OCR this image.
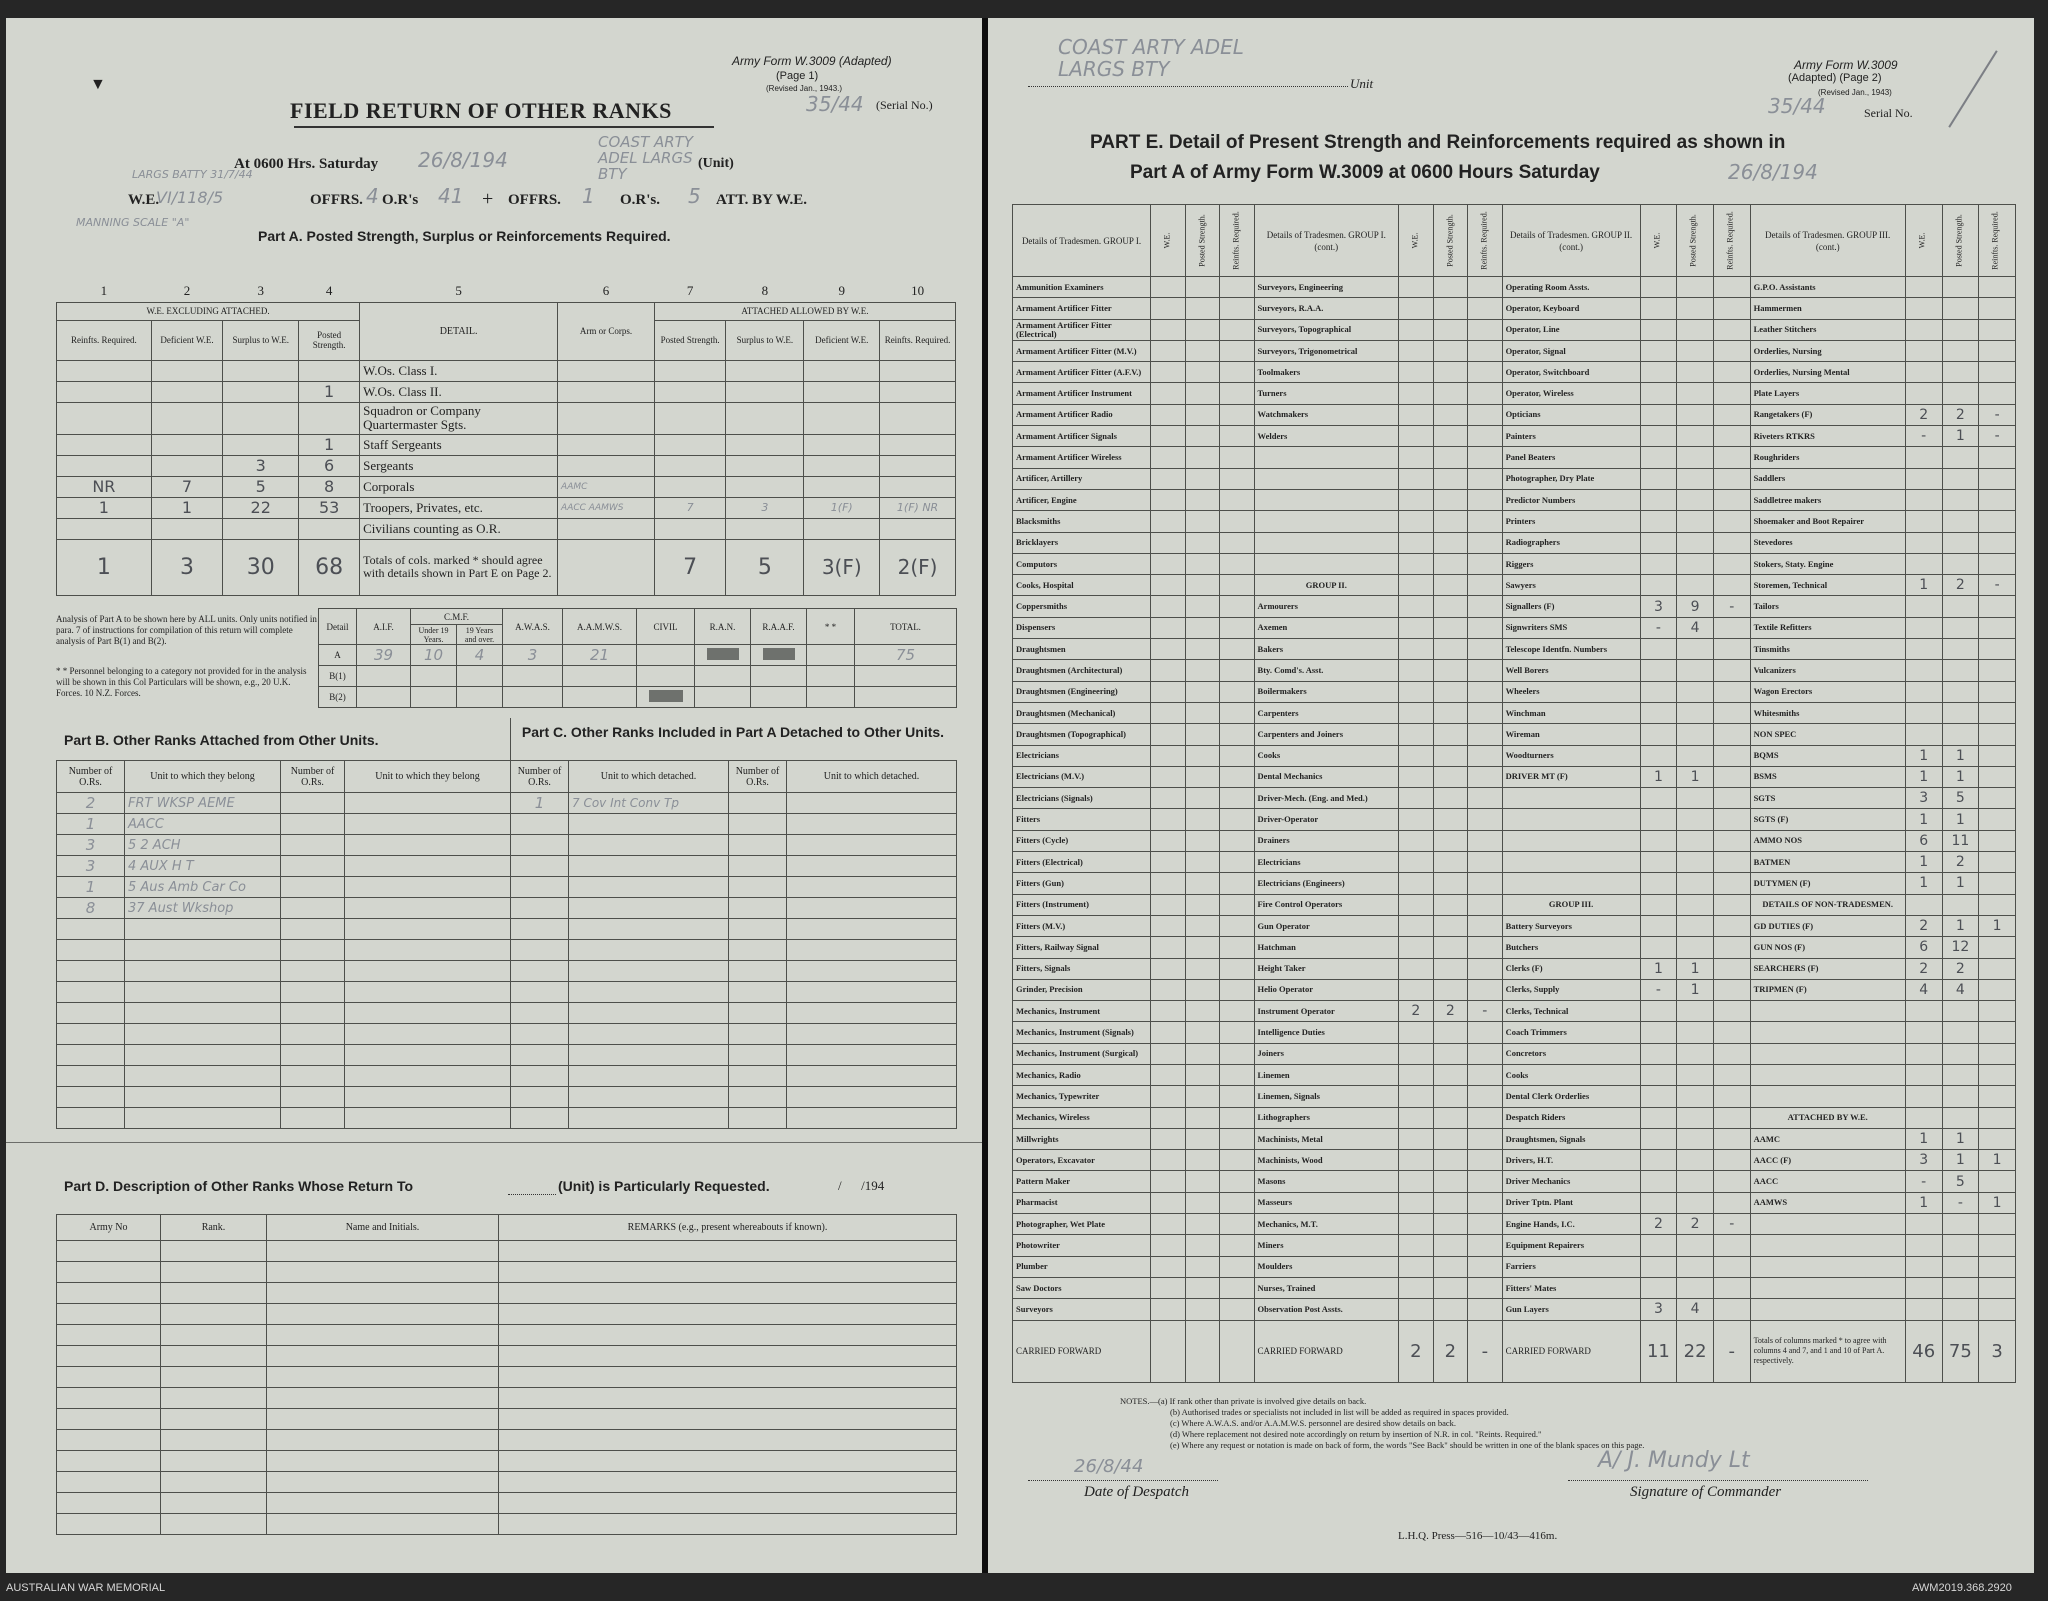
▼
Army Form W.3009 (Adapted)
(Page 1)
(Revised Jan., 1943.)
35/44 (Serial No.)
FIELD RETURN OF OTHER RANKS
COAST ARTY ADEL LARGS BTY
At 0600 Hrs. Saturday 26/8/194	(Unit)
LARGS BATTY 31/7/44
W.E.
VI/118/5	OFFRS. 4 O.R's 41 + OFFRS. 1 O.R's. 5 ATT. BY W.E.
MANNING SCALE "A"
Part A. Posted Strength, Surplus or Reinforcements Required.
1	2	3	4	5	6	7	8	9	10
W.E. EXCLUDING ATTACHED.				DETAIL.	Arm or Corps.	ATTACHED ALLOWED BY W.E.			
Reinfts. Required.	Deficient W.E.	Surplus to W.E.	Posted Strength.			Posted Strength.	Surplus to W.E.	Deficient W.E.	Reinfts. Required.
				W.Os. Class I.					
			1	W.Os. Class II.					
				Squadron or Company Quartermaster Sgts.					
			1	Staff Sergeants					
		3	6	Sergeants					
NR	7	5	8	Corporals	AAMC				
1	1	22	53	Troopers, Privates, etc.	AACC AAMWS	7	3	1(F)	1(F) NR
				Civilians counting as O.R.					
1	3	30	68	Totals of cols. marked * should agree with details shown in Part E on Page 2.		7	5	3(F)	2(F)
Analysis of Part A to be shown here by ALL units. Only units notified in para. 7 of instructions for compilation of this return will complete analysis of Part B(1) and B(2).
* * Personnel belonging to a category not provided for in the analysis will be shown in this Col Particulars will be shown, e.g., 20 U.K. Forces. 10 N.Z. Forces.
Detail	A.I.F.	C.M.F.		A.W.A.S.	A.A.M.W.S.	CIVIL	R.A.N.	R.A.A.F.	* *	TOTAL.
		Under 19 Years.	19 Years and over.							
A	39	10	4	3	21					75
B(1)										
B(2)										
Part B. Other Ranks Attached from Other Units.	Part C. Other Ranks Included in Part A Detached to Other Units.
Number of O.Rs.	Unit to which they belong	Number of O.Rs.	Unit to which they belong	Number of O.Rs.	Unit to which detached.	Number of O.Rs.	Unit to which detached.
2	FRT WKSP AEME			1	7 Cov Int Conv Tp		
1	AACC						
3	5 2 ACH						
3	4 AUX H T						
1	5 Aus Amb Car Co						
8	37 Aust Wkshop						

Part D. Description of Other Ranks Whose Return To	(Unit) is Particularly Requested.	/      /194
Army No	Rank.	Name and Initials.	REMARKS (e.g., present whereabouts if known).

COAST ARTY ADEL LARGS BTY
Unit
Army Form W.3009
(Adapted) (Page 2)
(Revised Jan., 1943)
35/44	Serial No.
PART E. Detail of Present Strength and Reinforcements required as shown in
Part A of Army Form W.3009 at 0600 Hours Saturday	26/8/194
Details of Tradesmen. GROUP I.	W.E.	Posted Strength.	Reinfts. Required.	Details of Tradesmen. GROUP I. (cont.)	W.E.	Posted Strength.	Reinfts. Required.	Details of Tradesmen. GROUP II. (cont.)	W.E.	Posted Strength.	Reinfts. Required.	Details of Tradesmen. GROUP III. (cont.)	W.E.	Posted Strength.	Reinfts. Required.

Ammunition Examiners				Surveyors, Engineering				Operating Room Assts.				G.P.O. Assistants			
Armament Artificer Fitter				Surveyors, R.A.A.				Operator, Keyboard				Hammermen			
Armament Artificer Fitter (Electrical)				Surveyors, Topographical				Operator, Line				Leather Stitchers			
Armament Artificer Fitter (M.V.)				Surveyors, Trigonometrical				Operator, Signal				Orderlies, Nursing			
Armament Artificer Fitter (A.F.V.)				Toolmakers				Operator, Switchboard				Orderlies, Nursing Mental			
Armament Artificer Instrument				Turners				Operator, Wireless				Plate Layers			
Armament Artificer Radio				Watchmakers				Opticians				Rangetakers (F)	2	2	-
Armament Artificer Signals				Welders				Painters				Riveters RTKRS	-	1	-
Armament Artificer Wireless								Panel Beaters				Roughriders			
Artificer, Artillery								Photographer, Dry Plate				Saddlers			
Artificer, Engine								Predictor Numbers				Saddletree makers			
Blacksmiths								Printers				Shoemaker and Boot Repairer			
Bricklayers								Radiographers				Stevedores			
Computors								Riggers				Stokers, Staty. Engine			
Cooks, Hospital				GROUP II.				Sawyers				Storemen, Technical	1	2	-
Coppersmiths				Armourers				Signallers (F)	3	9	-	Tailors			
Dispensers				Axemen				Signwriters SMS	-	4		Textile Refitters			
Draughtsmen				Bakers				Telescope Identfn. Numbers				Tinsmiths			
Draughtsmen (Architectural)				Bty. Comd's. Asst.				Well Borers				Vulcanizers			
Draughtsmen (Engineering)				Boilermakers				Wheelers				Wagon Erectors			
Draughtsmen (Mechanical)				Carpenters				Winchman				Whitesmiths			
Draughtsmen (Topographical)				Carpenters and Joiners				Wireman				NON SPEC			
Electricians				Cooks				Woodturners				BQMS	1	1	
Electricians (M.V.)				Dental Mechanics				DRIVER MT (F)	1	1		BSMS	1	1	
Electricians (Signals)				Driver-Mech. (Eng. and Med.)								SGTS	3	5	
Fitters				Driver-Operator								SGTS (F)	1	1	
Fitters (Cycle)				Drainers								AMMO NOS	6	11	
Fitters (Electrical)				Electricians								BATMEN	1	2	
Fitters (Gun)				Electricians (Engineers)								DUTYMEN (F)	1	1	
Fitters (Instrument)				Fire Control Operators				GROUP III.				DETAILS OF NON-TRADESMEN.			
Fitters (M.V.)				Gun Operator				Battery Surveyors				GD DUTIES (F)	2	1	1
Fitters, Railway Signal				Hatchman				Butchers				GUN NOS (F)	6	12	
Fitters, Signals				Height Taker				Clerks (F)	1	1		SEARCHERS (F)	2	2	
Grinder, Precision				Helio Operator				Clerks, Supply	-	1		TRIPMEN (F)	4	4	
Mechanics, Instrument				Instrument Operator	2	2	-	Clerks, Technical							
Mechanics, Instrument (Signals)				Intelligence Duties				Coach Trimmers							
Mechanics, Instrument (Surgical)				Joiners				Concretors							
Mechanics, Radio				Linemen				Cooks							
Mechanics, Typewriter				Linemen, Signals				Dental Clerk Orderlies							
Mechanics, Wireless				Lithographers				Despatch Riders				ATTACHED BY W.E.			
Millwrights				Machinists, Metal				Draughtsmen, Signals				AAMC	1	1	
Operators, Excavator				Machinists, Wood				Drivers, H.T.				AACC (F)	3	1	1
Pattern Maker				Masons				Driver Mechanics				AACC	-	5	
Pharmacist				Masseurs				Driver Tptn. Plant				AAMWS	1	-	1
Photographer, Wet Plate				Mechanics, M.T.				Engine Hands, I.C.	2	2	-				
Photowriter				Miners				Equipment Repairers							
Plumber				Moulders				Farriers							
Saw Doctors				Nurses, Trained				Fitters' Mates							
Surveyors				Observation Post Assts.				Gun Layers	3	4					
CARRIED FORWARD				CARRIED FORWARD	2	2	-	CARRIED FORWARD	11	22	-	Totals of columns marked * to agree with columns 4 and 7, and 1 and 10 of Part A. respectively.	46	75	3
NOTES.—(a) If rank other than private is involved give details on back.
(b) Authorised trades or specialists not included in list will be added as required in spaces provided.
(c) Where A.W.A.S. and/or A.A.M.W.S. personnel are desired show details on back.
(d) Where replacement not desired note accordingly on return by insertion of N.R. in col. "Reints. Required."
(e) Where any request or notation is made on back of form, the words "See Back" should be written in one of the blank spaces on this page.
26/8/44
Date of Despatch
A/ J. Mundy Lt
Signature of Commander
L.H.Q. Press—516—10/43—416m.
AUSTRALIAN WAR MEMORIAL	AWM2019.368.2920
